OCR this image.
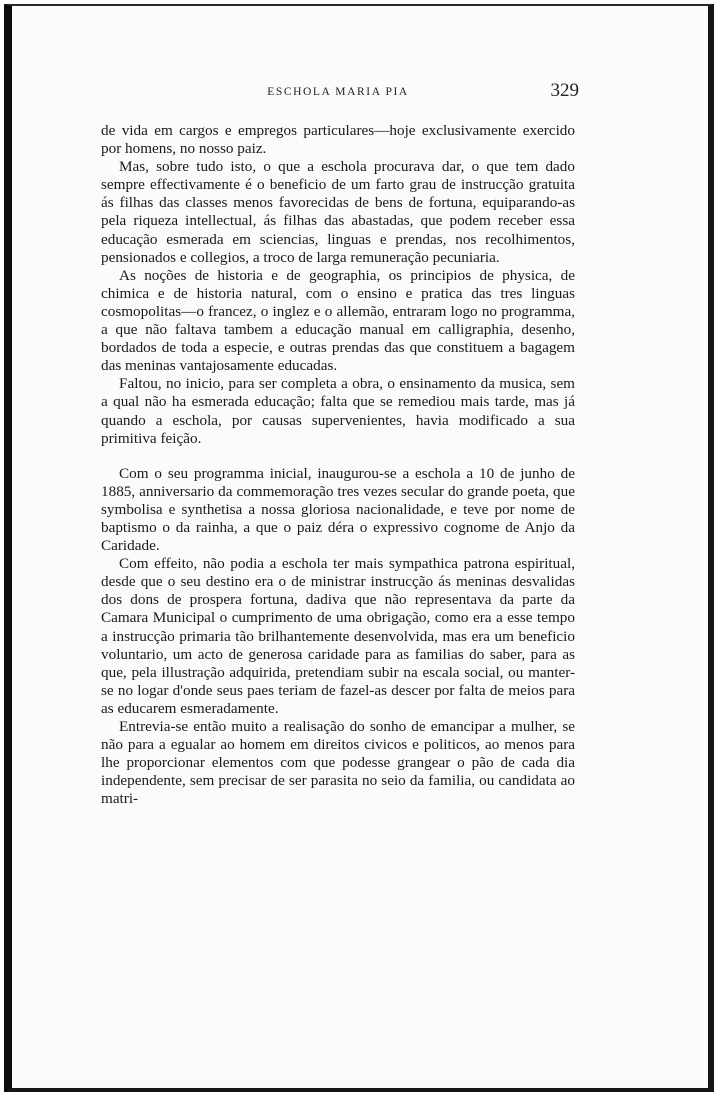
ESCHOLA MARIA PIA	329

de vida em cargos e empregos particulares—hoje exclusivamente exercido por homens, no nosso paiz.

Mas, sobre tudo isto, o que a eschola procurava dar, o que tem dado sempre effectivamente é o beneficio de um farto grau de instrucção gratuita ás filhas das classes menos favorecidas de bens de fortuna, equiparando-as pela riqueza intellectual, ás filhas das abastadas, que podem receber essa educação esmerada em sciencias, linguas e prendas, nos recolhimentos, pensionados e collegios, a troco de larga remuneração pecuniaria.

As noções de historia e de geographia, os principios de physica, de chimica e de historia natural, com o ensino e pratica das tres linguas cosmopolitas—o francez, o inglez e o allemão, entraram logo no programma, a que não faltava tambem a educação manual em calligraphia, desenho, bordados de toda a especie, e outras prendas das que constituem a bagagem das meninas vantajosamente educadas.

Faltou, no inicio, para ser completa a obra, o ensinamento da musica, sem a qual não ha esmerada educação; falta que se remediou mais tarde, mas já quando a eschola, por causas supervenientes, havia modificado a sua primitiva feição.

Com o seu programma inicial, inaugurou-se a eschola a 10 de junho de 1885, anniversario da commemoração tres vezes secular do grande poeta, que symbolisa e synthetisa a nossa gloriosa nacionalidade, e teve por nome de baptismo o da rainha, a que o paiz déra o expressivo cognome de Anjo da Caridade.

Com effeito, não podia a eschola ter mais sympathica patrona espiritual, desde que o seu destino era o de ministrar instrucção ás meninas desvalidas dos dons de prospera fortuna, dadiva que não representava da parte da Camara Municipal o cumprimento de uma obrigação, como era a esse tempo a instrucção primaria tão brilhantemente desenvolvida, mas era um beneficio voluntario, um acto de generosa caridade para as familias do saber, para as que, pela illustração adquirida, pretendiam subir na escala social, ou manter-se no logar d'onde seus paes teriam de fazel-as descer por falta de meios para as educarem esmeradamente.

Entrevia-se então muito a realisação do sonho de emancipar a mulher, se não para a egualar ao homem em direitos civicos e politicos, ao menos para lhe proporcionar elementos com que podesse grangear o pão de cada dia independente, sem precisar de ser parasita no seio da familia, ou candidata ao matri-
